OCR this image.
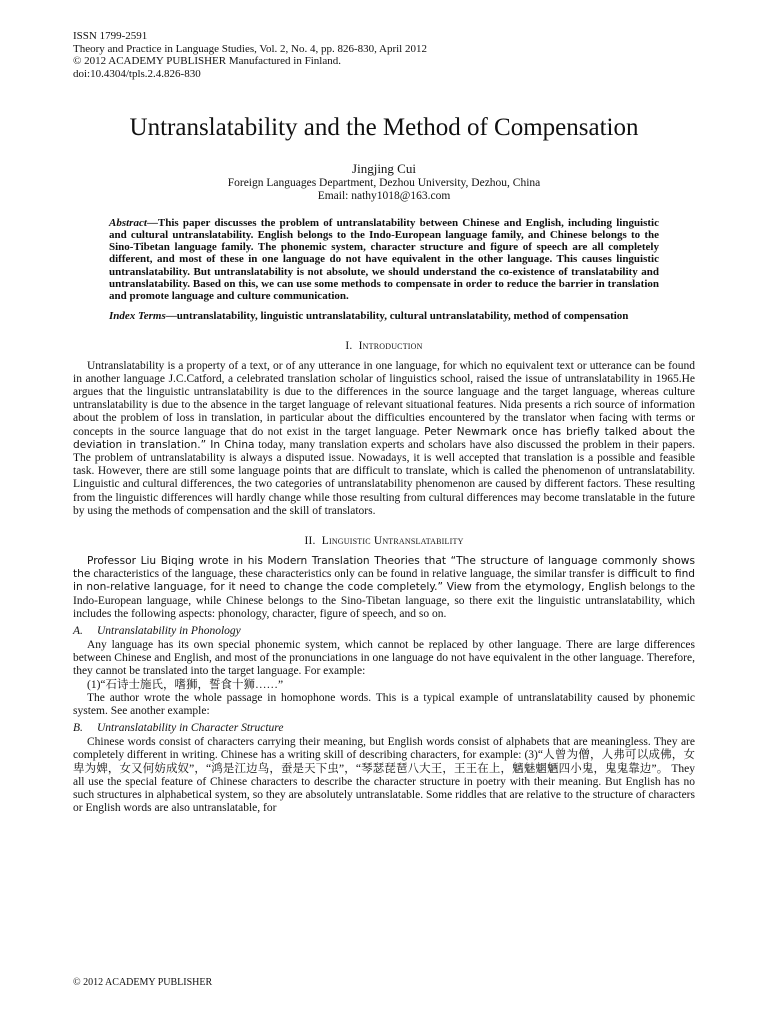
ISSN 1799-2591
Theory and Practice in Language Studies, Vol. 2, No. 4, pp. 826-830, April 2012
© 2012 ACADEMY PUBLISHER Manufactured in Finland.
doi:10.4304/tpls.2.4.826-830
Untranslatability and the Method of Compensation
Jingjing Cui
Foreign Languages Department, Dezhou University, Dezhou, China
Email: nathy1018@163.com
Abstract—This paper discusses the problem of untranslatability between Chinese and English, including linguistic and cultural untranslatability. English belongs to the Indo-European language family, and Chinese belongs to the Sino-Tibetan language family. The phonemic system, character structure and figure of speech are all completely different, and most of these in one language do not have equivalent in the other language. This causes linguistic untranslatability. But untranslatability is not absolute, we should understand the co-existence of translatability and untranslatability. Based on this, we can use some methods to compensate in order to reduce the barrier in translation and promote language and culture communication.
Index Terms—untranslatability, linguistic untranslatability, cultural untranslatability, method of compensation
I. Introduction

Untranslatability is a property of a text, or of any utterance in one language, for which no equivalent text or utterance can be found in another language J.C.Catford, a celebrated translation scholar of linguistics school, raised the issue of untranslatability in 1965.He argues that the linguistic untranslatability is due to the differences in the source language and the target language, whereas culture untranslatability is due to the absence in the target language of relevant situational features. Nida presents a rich source of information about the problem of loss in translation, in particular about the difficulties encountered by the translator when facing with terms or concepts in the source language that do not exist in the target language. Peter Newmark once has briefly talked about the deviation in translation.” In China today, many translation experts and scholars have also discussed the problem in their papers. The problem of untranslatability is always a disputed issue. Nowadays, it is well accepted that translation is a possible and feasible task. However, there are still some language points that are difficult to translate, which is called the phenomenon of untranslatability. Linguistic and cultural differences, the two categories of untranslatability phenomenon are caused by different factors. These resulting from the linguistic differences will hardly change while those resulting from cultural differences may become translatable in the future by using the methods of compensation and the skill of translators.

II. Linguistic Untranslatability

Professor Liu Biqing wrote in his Modern Translation Theories that “The structure of language commonly shows the characteristics of the language, these characteristics only can be found in relative language, the similar transfer is difficult to find in non-relative language, for it need to change the code completely.” View from the etymology, English belongs to the Indo-European language, while Chinese belongs to the Sino-Tibetan language, so there exit the linguistic untranslatability, which includes the following aspects: phonology, character, figure of speech, and so on.

A. Untranslatability in Phonology

Any language has its own special phonemic system, which cannot be replaced by other language. There are large differences between Chinese and English, and most of the pronunciations in one language do not have equivalent in the other language. Therefore, they cannot be translated into the target language. For example:

(1)“石诗士施氏，嗜狮，誓食十狮……”

The author wrote the whole passage in homophone words. This is a typical example of untranslatability caused by phonemic system. See another example:

B. Untranslatability in Character Structure

Chinese words consist of characters carrying their meaning, but English words consist of alphabets that are meaningless. They are completely different in writing. Chinese has a writing skill of describing characters, for example: (3)“人曾为僧，人弗可以成佛，女卑为婢，女又何妨成奴”，“鸿是江边鸟，蚕是天下虫”，“琴瑟琵琶八大王，王王在上，魑魅魍魉四小鬼，鬼鬼靠边”。 They all use the special feature of Chinese characters to describe the character structure in poetry with their meaning. But English has no such structures in alphabetical system, so they are absolutely untranslatable. Some riddles that are relative to the structure of characters or English words are also untranslatable, for

© 2012 ACADEMY PUBLISHER
